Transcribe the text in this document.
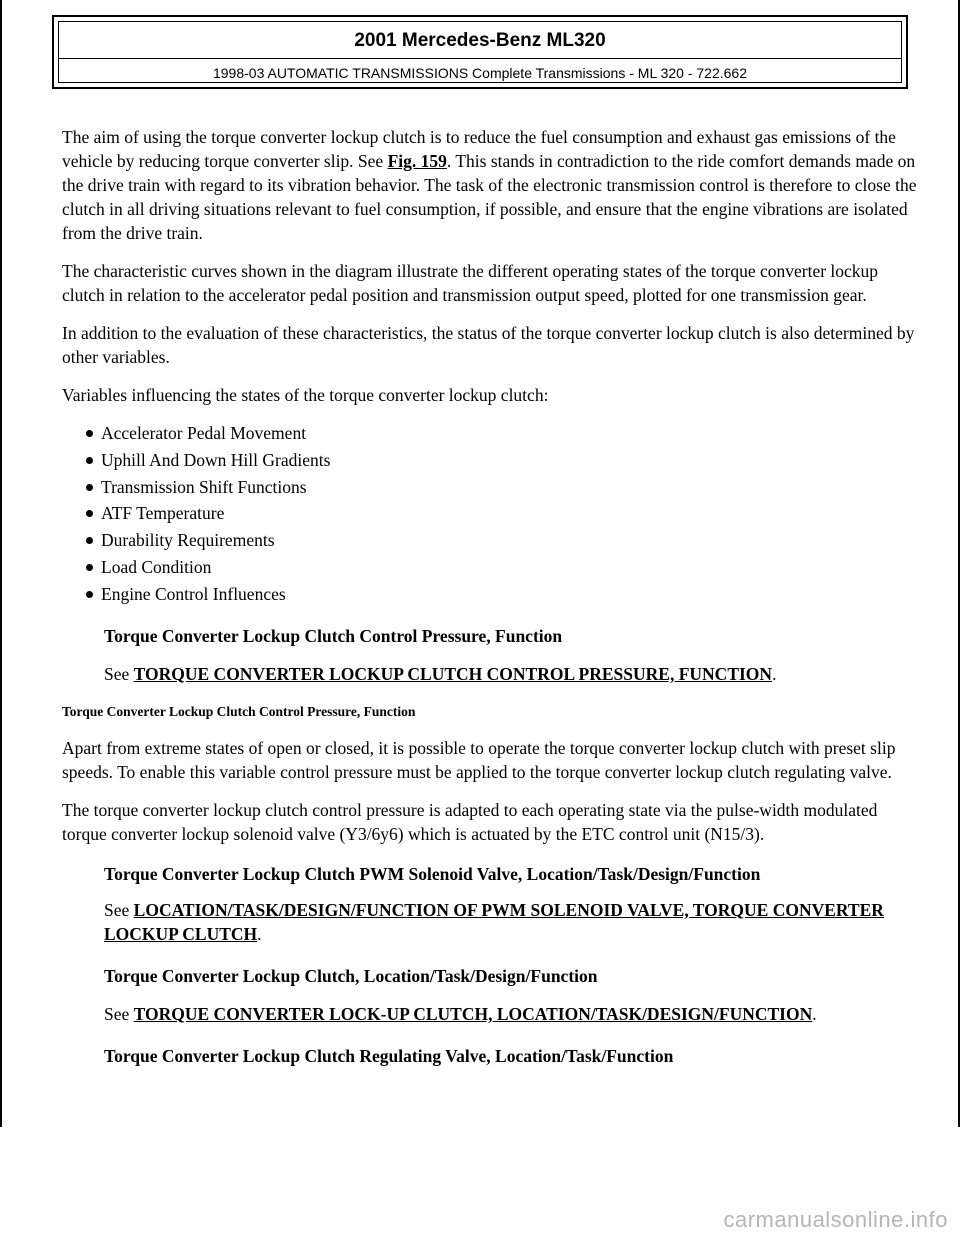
2001 Mercedes-Benz ML320
1998-03 AUTOMATIC TRANSMISSIONS Complete Transmissions - ML 320 - 722.662

The aim of using the torque converter lockup clutch is to reduce the fuel consumption and exhaust gas emissions of the vehicle by reducing torque converter slip. See Fig. 159. This stands in contradiction to the ride comfort demands made on the drive train with regard to its vibration behavior. The task of the electronic transmission control is therefore to close the clutch in all driving situations relevant to fuel consumption, if possible, and ensure that the engine vibrations are isolated from the drive train.

The characteristic curves shown in the diagram illustrate the different operating states of the torque converter lockup clutch in relation to the accelerator pedal position and transmission output speed, plotted for one transmission gear.

In addition to the evaluation of these characteristics, the status of the torque converter lockup clutch is also determined by other variables.

Variables influencing the states of the torque converter lockup clutch:

Accelerator Pedal Movement
Uphill And Down Hill Gradients
Transmission Shift Functions
ATF Temperature
Durability Requirements
Load Condition
Engine Control Influences

Torque Converter Lockup Clutch Control Pressure, Function

See TORQUE CONVERTER LOCKUP CLUTCH CONTROL PRESSURE, FUNCTION.

Torque Converter Lockup Clutch Control Pressure, Function

Apart from extreme states of open or closed, it is possible to operate the torque converter lockup clutch with preset slip speeds. To enable this variable control pressure must be applied to the torque converter lockup clutch regulating valve.

The torque converter lockup clutch control pressure is adapted to each operating state via the pulse-width modulated torque converter lockup solenoid valve (Y3/6y6) which is actuated by the ETC control unit (N15/3).

Torque Converter Lockup Clutch PWM Solenoid Valve, Location/Task/Design/Function

See LOCATION/TASK/DESIGN/FUNCTION OF PWM SOLENOID VALVE, TORQUE CONVERTER LOCKUP CLUTCH.

Torque Converter Lockup Clutch, Location/Task/Design/Function

See TORQUE CONVERTER LOCK-UP CLUTCH, LOCATION/TASK/DESIGN/FUNCTION.

Torque Converter Lockup Clutch Regulating Valve, Location/Task/Function

carmanualsonline.info
